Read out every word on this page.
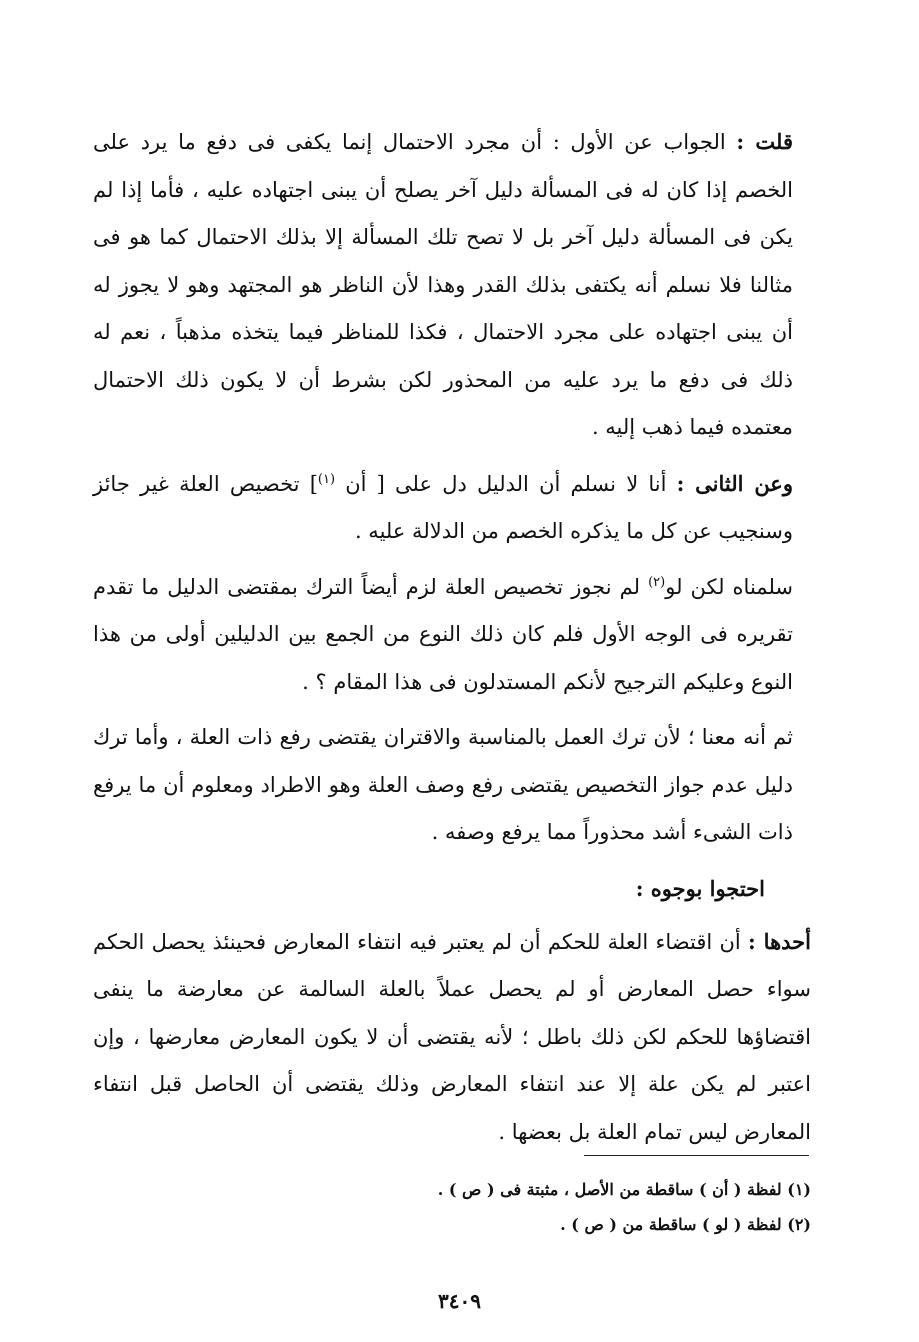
قلت : الجواب عن الأول : أن مجرد الاحتمال إنما يكفى فى دفع ما يرد على الخصم إذا كان له فى المسألة دليل آخر يصلح أن يبنى اجتهاده عليه ، فأما إذا لم يكن فى المسألة دليل آخر بل لا تصح تلك المسألة إلا بذلك الاحتمال كما هو فى مثالنا فلا نسلم أنه يكتفى بذلك القدر وهذا لأن الناظر هو المجتهد وهو لا يجوز له أن يبنى اجتهاده على مجرد الاحتمال ، فكذا للمناظر فيما يتخذه مذهباً ، نعم له ذلك فى دفع ما يرد عليه من المحذور لكن بشرط أن لا يكون ذلك الاحتمال معتمده فيما ذهب إليه .

وعن الثانى : أنا لا نسلم أن الدليل دل على [ أن $^{(١)}$] تخصيص العلة غير جائز وسنجيب عن كل ما يذكره الخصم من الدلالة عليه .

سلمناه لكن لو$^{(٢)}$ لم نجوز تخصيص العلة لزم أيضاً الترك بمقتضى الدليل ما تقدم تقريره فى الوجه الأول فلم كان ذلك النوع من الجمع بين الدليلين أولى من هذا النوع وعليكم الترجيح لأنكم المستدلون فى هذا المقام ؟ .

ثم أنه معنا ؛ لأن ترك العمل بالمناسبة والاقتران يقتضى رفع ذات العلة ، وأما ترك دليل عدم جواز التخصيص يقتضى رفع وصف العلة وهو الاطراد ومعلوم أن ما يرفع ذات الشىء أشد محذوراً مما يرفع وصفه .

احتجوا بوجوه :

أحدها : أن اقتضاء العلة للحكم أن لم يعتبر فيه انتفاء المعارض فحينئذ يحصل الحكم سواء حصل المعارض أو لم يحصل عملاً بالعلة السالمة عن معارضة ما ينفى اقتضاؤها للحكم لكن ذلك باطل ؛ لأنه يقتضى أن لا يكون المعارض معارضها ، وإن اعتبر لم يكن علة إلا عند انتفاء المعارض وذلك يقتضى أن الحاصل قبل انتفاء المعارض ليس تمام العلة بل بعضها .

(١) لفظة ( أن ) ساقطة من الأصل ، مثبتة فى ( ص ) .

(٢) لفظة ( لو ) ساقطة من ( ص ) .

٣٤٠٩
